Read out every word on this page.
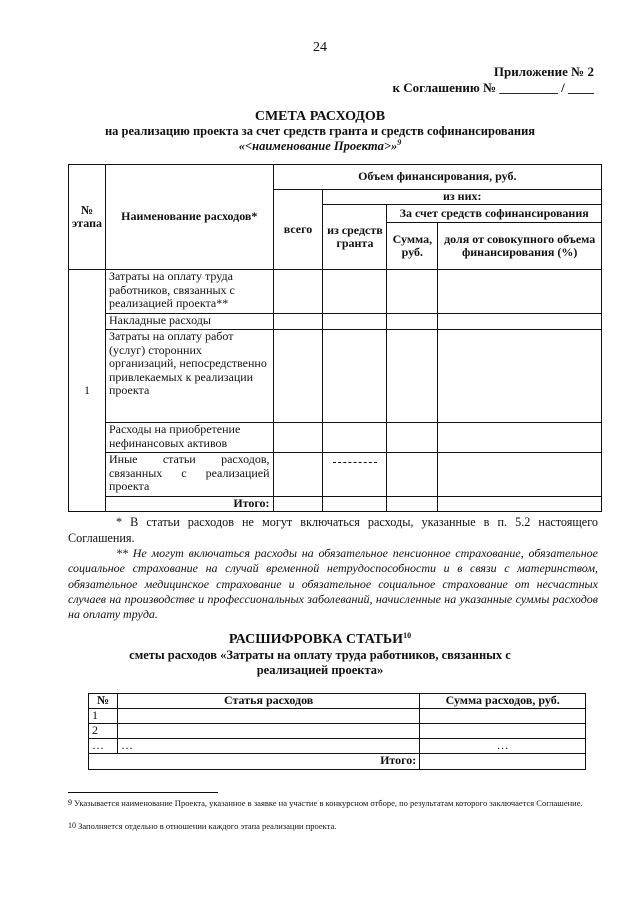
24
Приложение № 2
к Соглашению № _________ / ____
СМЕТА РАСХОДОВ
на реализацию проекта за счет средств гранта и средств софинансирования
«<наименование Проекта>»$^9$
№ этапа	Наименование расходов*	Объем финансирования, руб.			
		всего	из них:		
			из средств гранта	За счет средств софинансирования	
				Сумма, руб.	доля от совокупного объема финансирования (%)
1	Затраты на оплату труда работников, связанных с реализацией проекта**				
	Накладные расходы				
	Затраты на оплату работ (услуг) сторонних организаций, непосредственно привлекаемых к реализации проекта				
	Расходы на приобретение нефинансовых активов				
	Иные статьи расходов, связанных с реализацией проекта				
	Итого:				
* В статьи расходов не могут включаться расходы, указанные в п. 5.2 настоящего Соглашения.
** Не могут включаться расходы на обязательное пенсионное страхование, обязательное социальное страхование на случай временной нетрудоспособности и в связи с материнством, обязательное медицинское страхование и обязательное социальное страхование от несчастных случаев на производстве и профессиональных заболеваний, начисленные на указанные суммы расходов на оплату труда.
РАСШИФРОВКА СТАТЬИ$^{10}$
сметы расходов «Затраты на оплату труда работников, связанных с реализацией проекта»
№	Статья расходов	Сумма расходов, руб.
1		
2		
…	…	…
Итого:		
$^9$ Указывается наименование Проекта, указанное в заявке на участие в конкурсном отборе, по результатам которого заключается Соглашение.
$^{10}$ Заполняется отдельно в отношении каждого этапа реализации проекта.
